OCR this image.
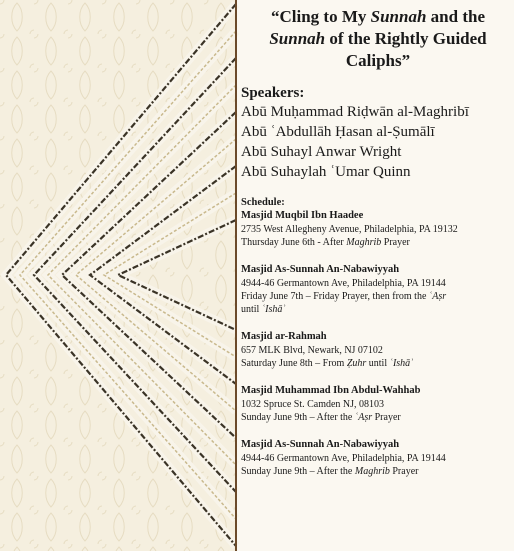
“Cling to My Sunnah and the
Sunnah of the Rightly Guided
Caliphs”

Speakers:

Abū Muḥammad Riḍwān al-Maghribī

Abū ʿAbdullāh Ḥasan al-Ṣumālī

Abū Suhayl Anwar Wright

Abū Suhaylah ʿUmar Quinn

Schedule:

Masjid Muqbil Ibn Haadee

2735 West Allegheny Avenue, Philadelphia, PA 19132

Thursday June 6th - After Maghrib Prayer

Masjid As-Sunnah An-Nabawiyyah

4944-46 Germantown Ave, Philadelphia, PA 19144

Friday June 7th – Friday Prayer, then from the ʿAṣr

until ʿIshāʾ

Masjid ar-Rahmah

657 MLK Blvd, Newark, NJ 07102

Saturday June 8th – From Ẓuhr until ʿIshāʾ

Masjid Muhammad Ibn Abdul-Wahhab

1032 Spruce St. Camden NJ, 08103

Sunday June 9th – After the ʿAṣr Prayer

Masjid As-Sunnah An-Nabawiyyah

4944-46 Germantown Ave, Philadelphia, PA 19144

Sunday June 9th – After the Maghrib Prayer
